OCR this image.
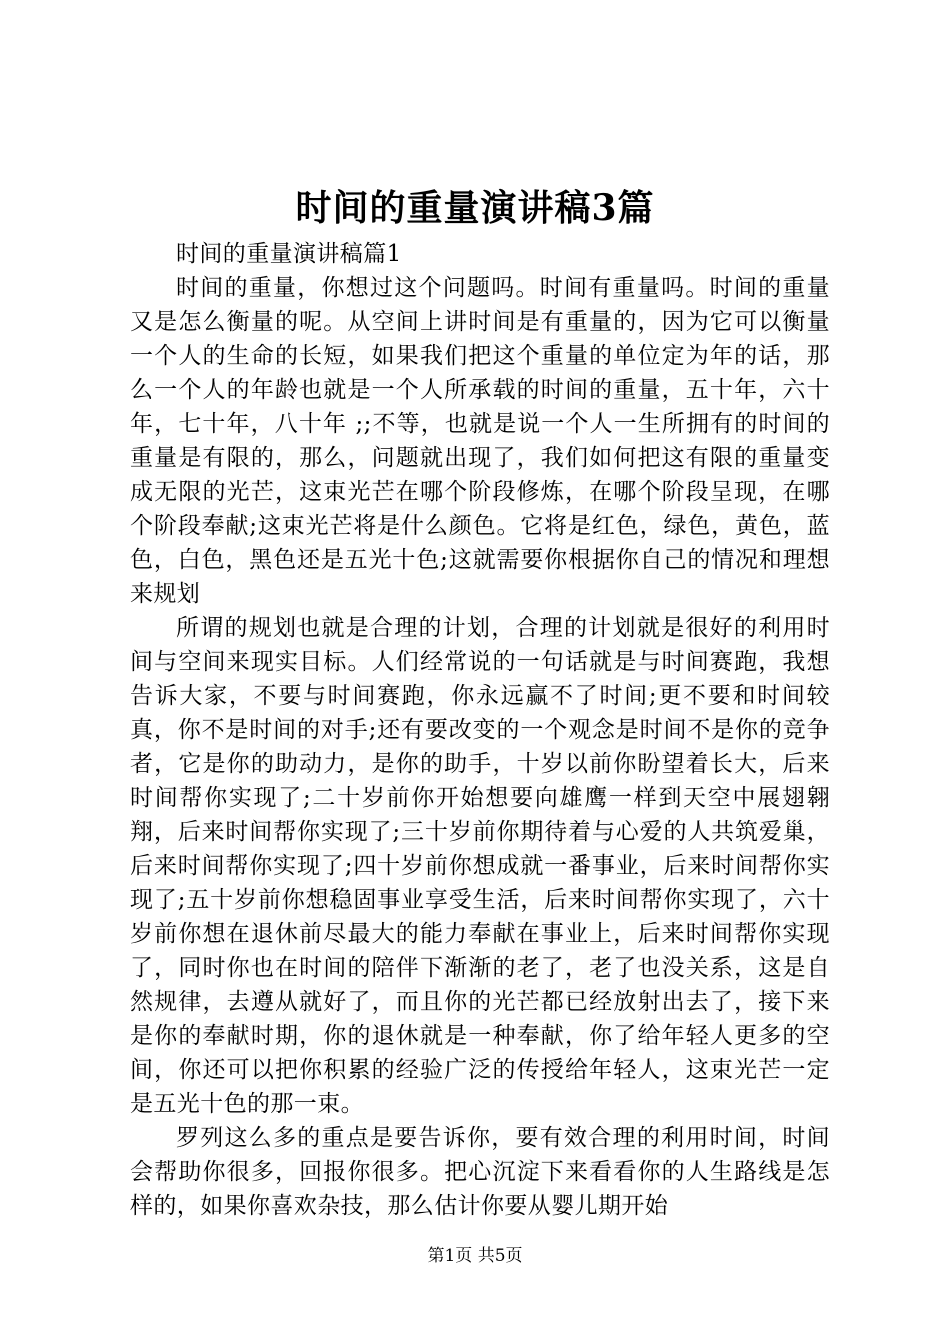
时间的重量演讲稿3篇

时间的重量演讲稿篇1

时间的重量，你想过这个问题吗。时间有重量吗。时间的重量又是怎么衡量的呢。从空间上讲时间是有重量的，因为它可以衡量一个人的生命的长短，如果我们把这个重量的单位定为年的话，那么一个人的年龄也就是一个人所承载的时间的重量，五十年，六十年，七十年，八十年 ;;不等，也就是说一个人一生所拥有的时间的重量是有限的，那么，问题就出现了，我们如何把这有限的重量变成无限的光芒，这束光芒在哪个阶段修炼，在哪个阶段呈现，在哪个阶段奉献;这束光芒将是什么颜色。它将是红色，绿色，黄色，蓝色，白色，黑色还是五光十色;这就需要你根据你自己的情况和理想来规划

所谓的规划也就是合理的计划，合理的计划就是很好的利用时间与空间来现实目标。人们经常说的一句话就是与时间赛跑，我想告诉大家，不要与时间赛跑，你永远赢不了时间;更不要和时间较真，你不是时间的对手;还有要改变的一个观念是时间不是你的竞争者，它是你的助动力，是你的助手，十岁以前你盼望着长大，后来时间帮你实现了;二十岁前你开始想要向雄鹰一样到天空中展翅翱翔，后来时间帮你实现了;三十岁前你期待着与心爱的人共筑爱巢，后来时间帮你实现了;四十岁前你想成就一番事业，后来时间帮你实现了;五十岁前你想稳固事业享受生活，后来时间帮你实现了，六十岁前你想在退休前尽最大的能力奉献在事业上，后来时间帮你实现了，同时你也在时间的陪伴下渐渐的老了，老了也没关系，这是自然规律，去遵从就好了，而且你的光芒都已经放射出去了，接下来是你的奉献时期，你的退休就是一种奉献，你了给年轻人更多的空间，你还可以把你积累的经验广泛的传授给年轻人，这束光芒一定是五光十色的那一束。

罗列这么多的重点是要告诉你，要有效合理的利用时间，时间会帮助你很多，回报你很多。把心沉淀下来看看你的人生路线是怎样的，如果你喜欢杂技，那么估计你要从婴儿期开始

第1页 共5页
